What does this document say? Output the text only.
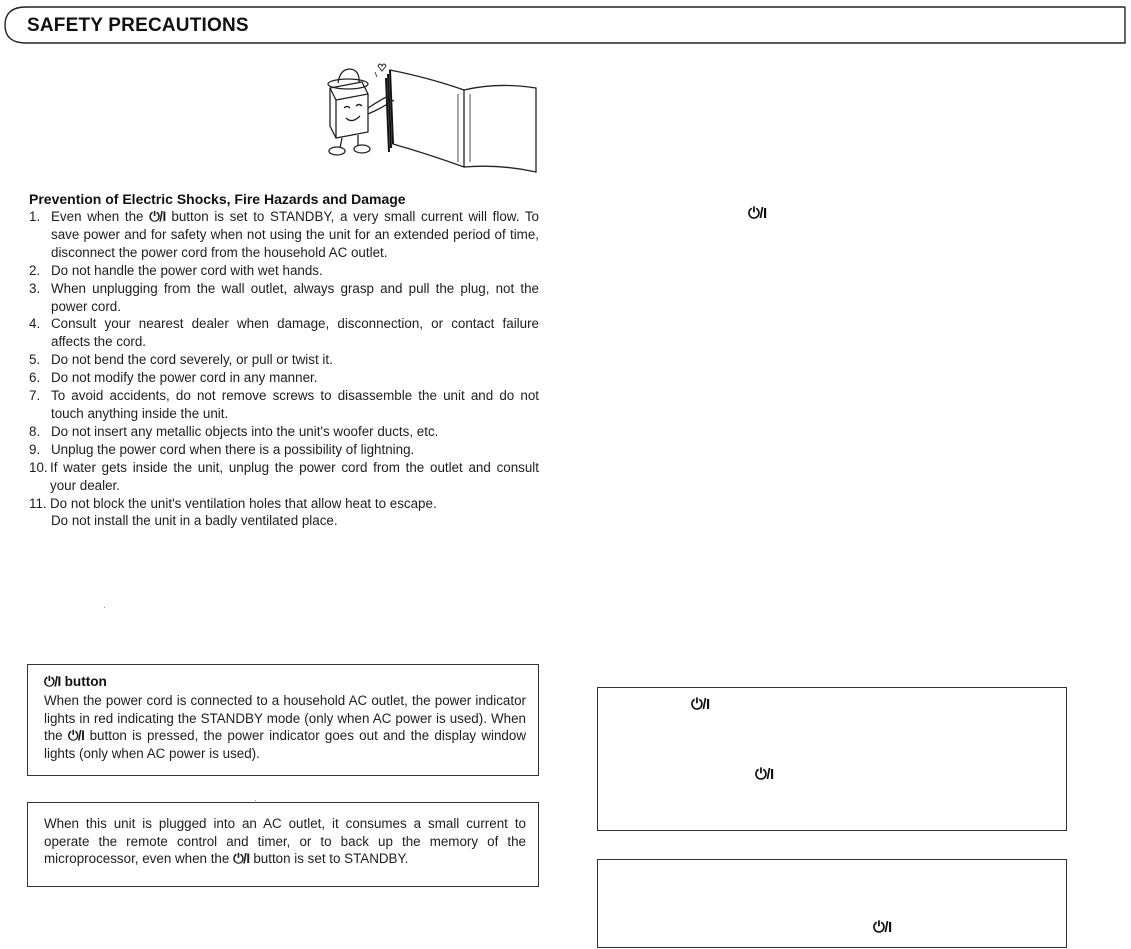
SAFETY PRECAUTIONS
Prevention of Electric Shocks, Fire Hazards and Damage
1. Even when the ⏻/I button is set to STANDBY, a very small current will flow. To save power and for safety when not using the unit for an extended period of time, disconnect the power cord from the household AC outlet.
2. Do not handle the power cord with wet hands.
3. When unplugging from the wall outlet, always grasp and pull the plug, not the power cord.
4. Consult your nearest dealer when damage, disconnection, or contact failure affects the cord.
5. Do not bend the cord severely, or pull or twist it.
6. Do not modify the power cord in any manner.
7. To avoid accidents, do not remove screws to disassemble the unit and do not touch anything inside the unit.
8. Do not insert any metallic objects into the unit's woofer ducts, etc.
9. Unplug the power cord when there is a possibility of lightning.
10. If water gets inside the unit, unplug the power cord from the outlet and consult your dealer.
11. Do not block the unit's ventilation holes that allow heat to escape.
Do not install the unit in a badly ventilated place.
⏻/I
⏻/I button
When the power cord is connected to a household AC outlet, the power indicator lights in red indicating the STANDBY mode (only when AC power is used). When the ⏻/I button is pressed, the power indicator goes out and the display window lights (only when AC power is used).
When this unit is plugged into an AC outlet, it consumes a small current to operate the remote control and timer, or to back up the memory of the microprocessor, even when the ⏻/I button is set to STANDBY.
⏻/I
⏻/I
⏻/I
